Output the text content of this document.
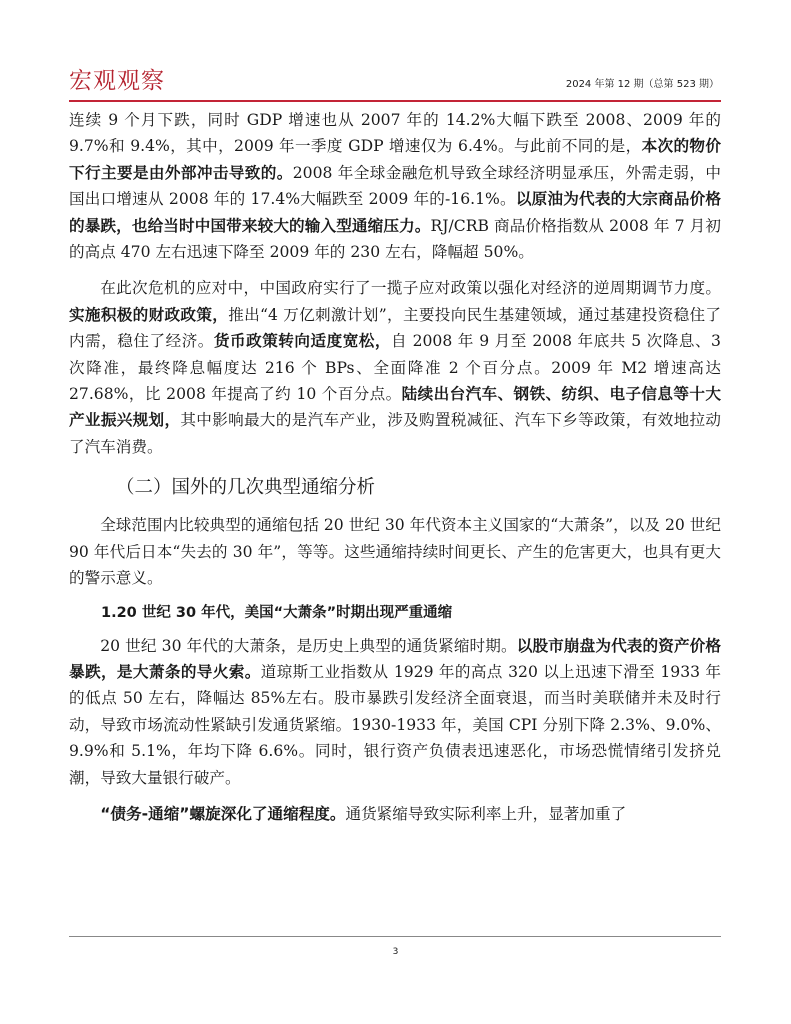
宏观观察	2024 年第 12 期（总第 523 期）

连续 9 个月下跌，同时 GDP 增速也从 2007 年的 14.2%大幅下跌至 2008、2009 年的 9.7%和 9.4%，其中，2009 年一季度 GDP 增速仅为 6.4%。与此前不同的是，本次的物价下行主要是由外部冲击导致的。2008 年全球金融危机导致全球经济明显承压，外需走弱，中国出口增速从 2008 年的 17.4%大幅跌至 2009 年的-16.1%。以原油为代表的大宗商品价格的暴跌，也给当时中国带来较大的输入型通缩压力。RJ/CRB 商品价格指数从 2008 年 7 月初的高点 470 左右迅速下降至 2009 年的 230 左右，降幅超 50%。

在此次危机的应对中，中国政府实行了一揽子应对政策以强化对经济的逆周期调节力度。实施积极的财政政策，推出“4 万亿刺激计划”，主要投向民生基建领域，通过基建投资稳住了内需，稳住了经济。货币政策转向适度宽松，自 2008 年 9 月至 2008 年底共 5 次降息、3 次降准，最终降息幅度达 216 个 BPs、全面降准 2 个百分点。2009 年 M2 增速高达 27.68%，比 2008 年提高了约 10 个百分点。陆续出台汽车、钢铁、纺织、电子信息等十大产业振兴规划，其中影响最大的是汽车产业，涉及购置税减征、汽车下乡等政策，有效地拉动了汽车消费。

（二）国外的几次典型通缩分析

全球范围内比较典型的通缩包括 20 世纪 30 年代资本主义国家的“大萧条”，以及 20 世纪 90 年代后日本“失去的 30 年”，等等。这些通缩持续时间更长、产生的危害更大，也具有更大的警示意义。

1.20 世纪 30 年代，美国“大萧条”时期出现严重通缩

20 世纪 30 年代的大萧条，是历史上典型的通货紧缩时期。以股市崩盘为代表的资产价格暴跌，是大萧条的导火索。道琼斯工业指数从 1929 年的高点 320 以上迅速下滑至 1933 年的低点 50 左右，降幅达 85%左右。股市暴跌引发经济全面衰退，而当时美联储并未及时行动，导致市场流动性紧缺引发通货紧缩。1930-1933 年，美国 CPI 分别下降 2.3%、9.0%、9.9%和 5.1%，年均下降 6.6%。同时，银行资产负债表迅速恶化，市场恐慌情绪引发挤兑潮，导致大量银行破产。

“债务-通缩”螺旋深化了通缩程度。通货紧缩导致实际利率上升，显著加重了

3
